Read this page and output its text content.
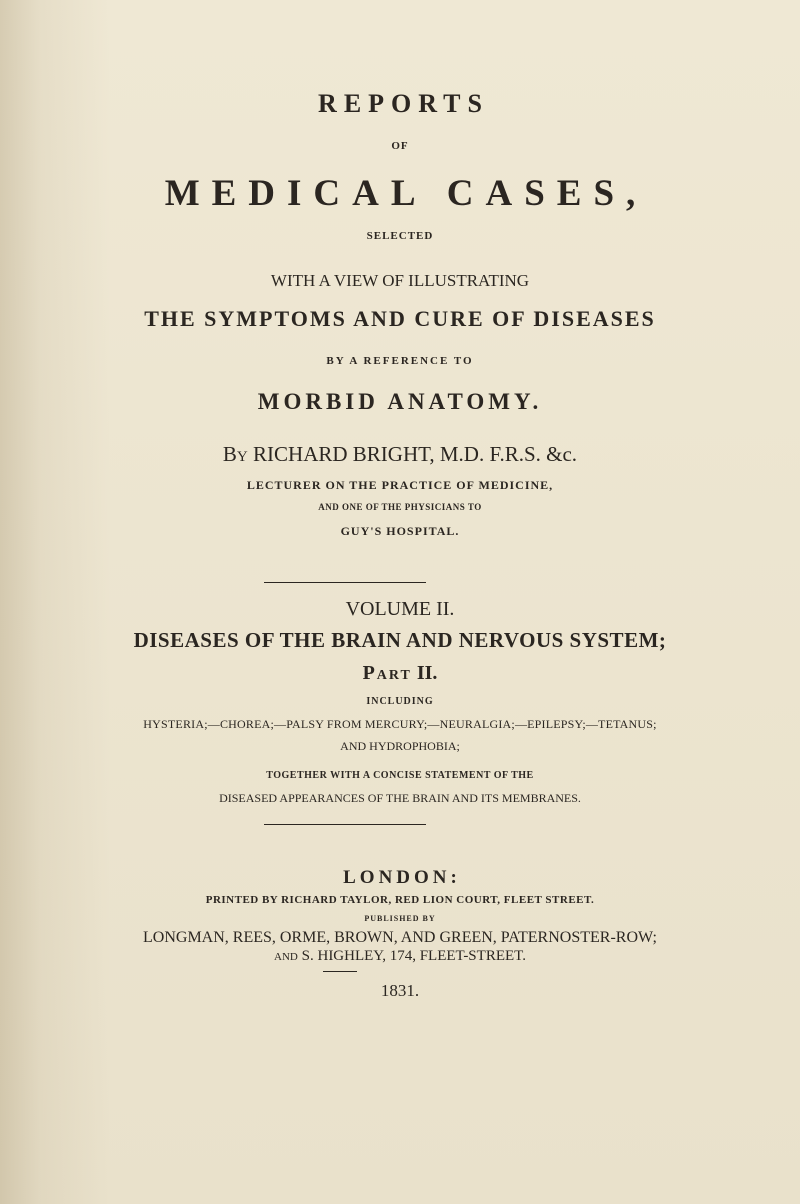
REPORTS
OF
MEDICAL CASES,
SELECTED
WITH A VIEW OF ILLUSTRATING
THE SYMPTOMS AND CURE OF DISEASES
BY A REFERENCE TO
MORBID ANATOMY.
By RICHARD BRIGHT, M.D. F.R.S. &c.
LECTURER ON THE PRACTICE OF MEDICINE,
AND ONE OF THE PHYSICIANS TO
GUY'S HOSPITAL.
VOLUME II.
DISEASES OF THE BRAIN AND NERVOUS SYSTEM;
Part II.
INCLUDING
HYSTERIA;—CHOREA;—PALSY FROM MERCURY;—NEURALGIA;—EPILEPSY;—TETANUS;
AND HYDROPHOBIA;
TOGETHER WITH A CONCISE STATEMENT OF THE
DISEASED APPEARANCES OF THE BRAIN AND ITS MEMBRANES.
LONDON:
PRINTED BY RICHARD TAYLOR, RED LION COURT, FLEET STREET.
PUBLISHED BY
LONGMAN, REES, ORME, BROWN, AND GREEN, PATERNOSTER-ROW;
and S. HIGHLEY, 174, FLEET-STREET.
1831.
